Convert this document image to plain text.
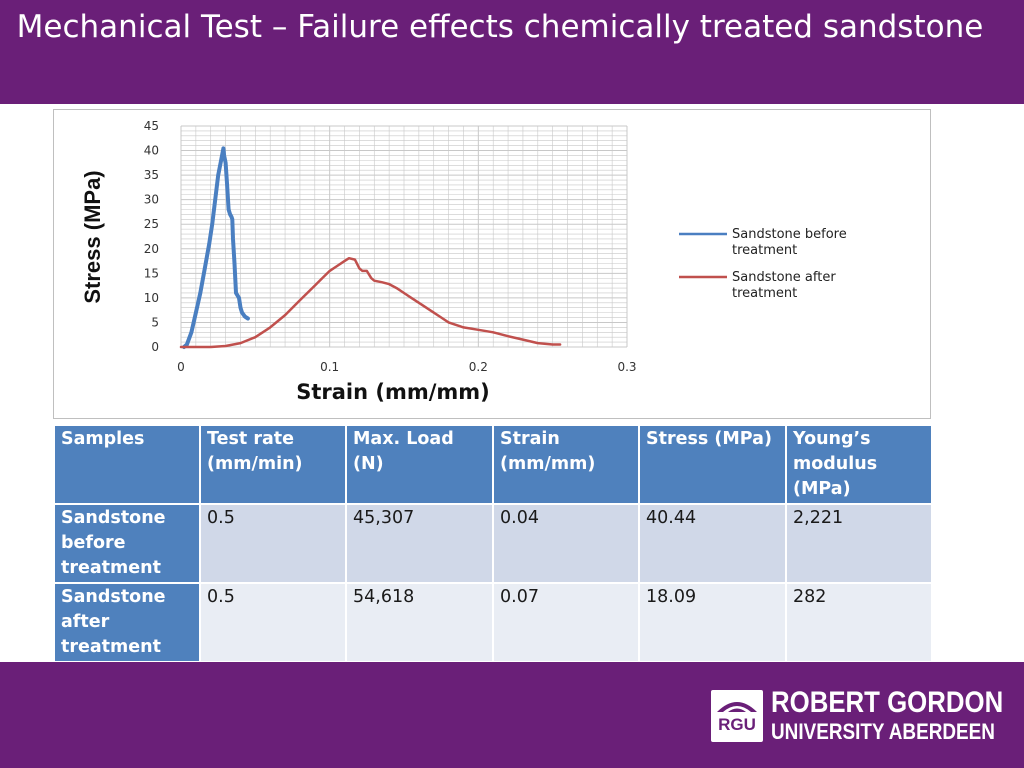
Mechanical Test – Failure effects chemically treated sandstone
0
5
10
15
20
25
30
35
40
45
0	0.1	0.2	0.3
Strain (mm/mm)
Stress (MPa)	Sandstone before treatment
Sandstone after treatment
Samples	Test rate (mm/min)	Max. Load (N)	Strain (mm/mm)	Stress (MPa)	Young’s modulus (MPa)
Sandstone before treatment	0.5	45,307	0.04	40.44	2,221
Sandstone after treatment	0.5	54,618	0.07	18.09	282
RGU
ROBERT GORDON
UNIVERSITY ABERDEEN
